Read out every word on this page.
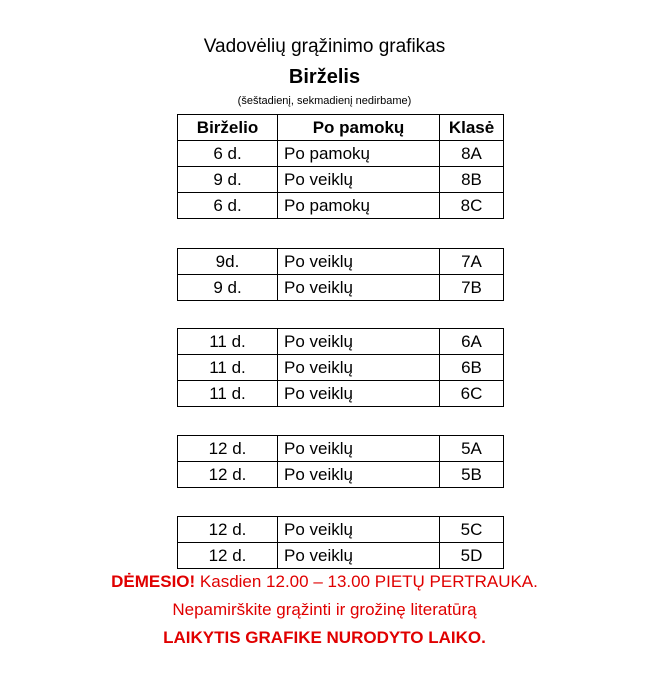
Vadovėlių grąžinimo grafikas
Birželis
(šeštadienį, sekmadienį nedirbame)
Birželio	Po pamokų	Klasė
6 d.	Po pamokų	8A
9 d.	Po veiklų	8B
6 d.	Po pamokų	8C
9d.	Po veiklų	7A
9 d.	Po veiklų	7B
11 d.	Po veiklų	6A
11 d.	Po veiklų	6B
11 d.	Po veiklų	6C
12 d.	Po veiklų	5A
12 d.	Po veiklų	5B
12 d.	Po veiklų	5C
12 d.	Po veiklų	5D
DĖMESIO! Kasdien 12.00 – 13.00 PIETŲ PERTRAUKA.
Nepamirškite grąžinti ir grožinę literatūrą
LAIKYTIS GRAFIKE NURODYTO LAIKO.
